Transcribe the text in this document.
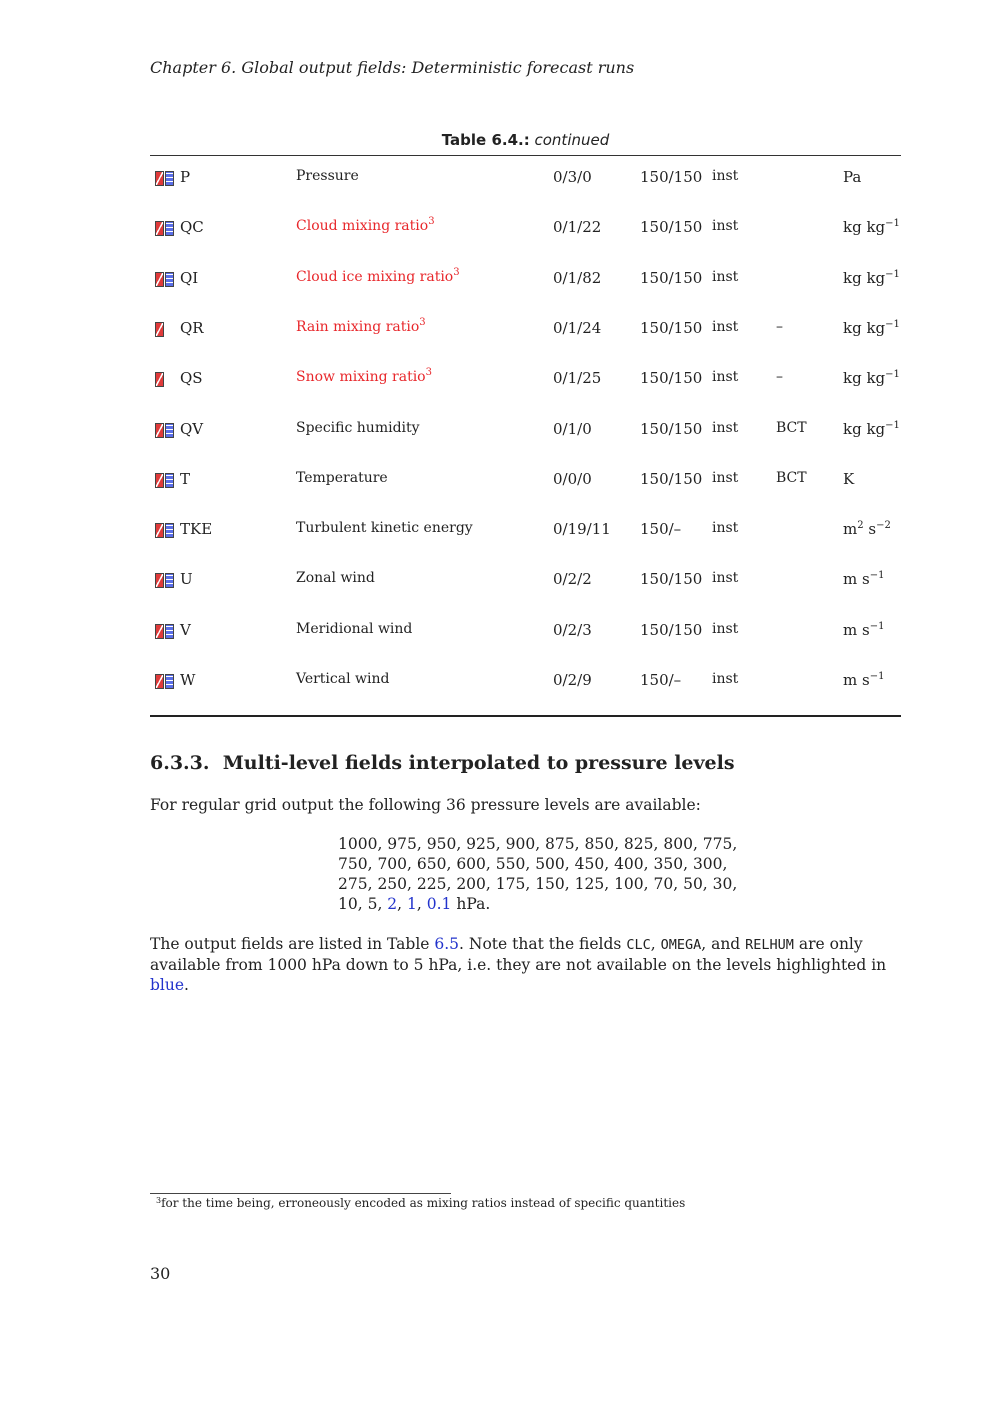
Chapter 6. Global output fields: Deterministic forecast runs
Table 6.4.: continued
P	Pressure	0/3/0	150/150 inst	Pa
QC	Cloud mixing ratio$^3$	0/1/22	150/150 inst	kg $kg^{-1}$
QI	Cloud ice mixing ratio$^3$	0/1/82	150/150 inst	kg $kg^{-1}$
QR	Rain mixing ratio$^3$	0/1/24	150/150 inst	–	kg $kg^{-1}$
QS	Snow mixing ratio$^3$	0/1/25	150/150 inst	–	kg $kg^{-1}$
QV	Specific humidity	0/1/0	150/150 inst	BCT kg $kg^{-1}$
T	Temperature	0/0/0	150/150 inst	BCT K
TKE	Turbulent kinetic energy	0/19/11 150/– inst	$m^2$ $s^{-2}$
U	Zonal wind	0/2/2	150/150 inst	m $s^{-1}$
V	Meridional wind	0/2/3	150/150 inst	m $s^{-1}$
W	Vertical wind	0/2/9	150/– inst	m $s^{-1}$
6.3.3. Multi-level fields interpolated to pressure levels
For regular grid output the following 36 pressure levels are available:
1000, 975, 950, 925, 900, 875, 850, 825, 800, 775,
750, 700, 650, 600, 550, 500, 450, 400, 350, 300,
275, 250, 225, 200, 175, 150, 125, 100, 70, 50, 30,
10, 5, 2, 1, 0.1 hPa.
The output fields are listed in Table 6.5. Note that the fields CLC, OMEGA, and RELHUM are only available from 1000 hPa down to 5 hPa, i.e. they are not available on the levels highlighted in blue.
$^3$for the time being, erroneously encoded as mixing ratios instead of specific quantities
30
